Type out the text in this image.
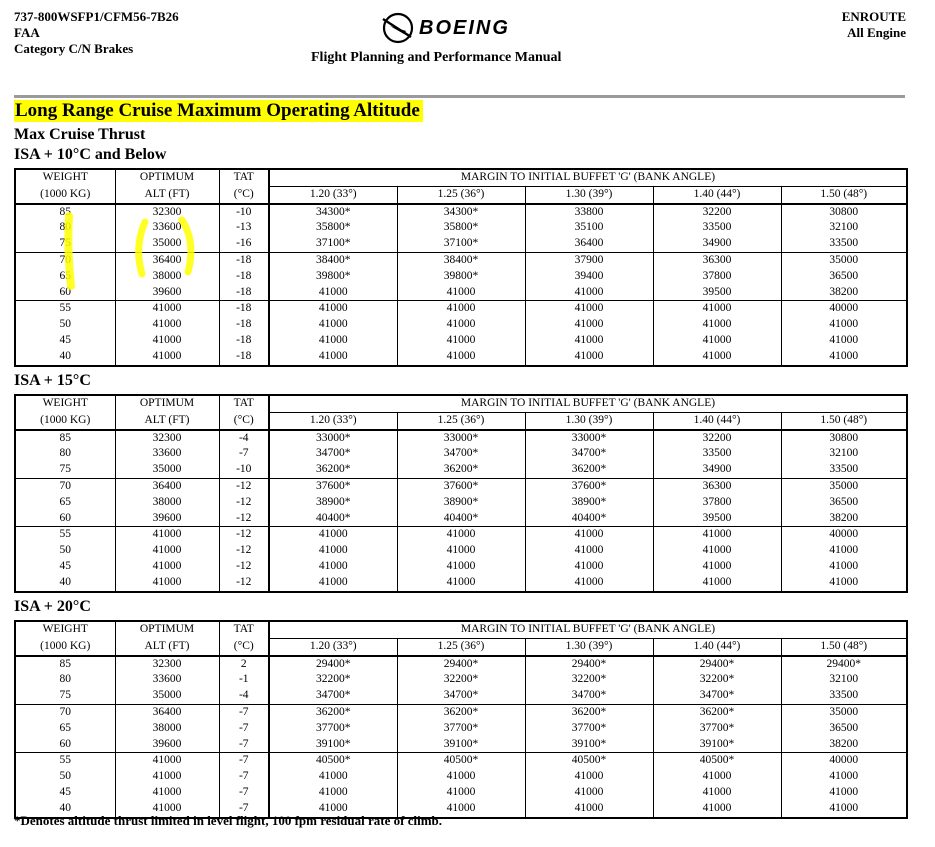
737-800WSFP1/CFM56-7B26
FAA
Category C/N Brakes
BOEING
Flight Planning and Performance Manual
ENROUTE
All Engine
Long Range Cruise Maximum Operating Altitude
Max Cruise Thrust
ISA + 10°C and Below
WEIGHT	OPTIMUM	TAT	MARGIN TO INITIAL BUFFET 'G' (BANK ANGLE)				
(1000 KG)	ALT (FT)	(°C)	1.20 (33°)	1.25 (36°)	1.30 (39°)	1.40 (44°)	1.50 (48°)
85	32300	-10	34300*	34300*	33800	32200	30800
80	33600	-13	35800*	35800*	35100	33500	32100
75	35000	-16	37100*	37100*	36400	34900	33500
70	36400	-18	38400*	38400*	37900	36300	35000
65	38000	-18	39800*	39800*	39400	37800	36500
60	39600	-18	41000	41000	41000	39500	38200
55	41000	-18	41000	41000	41000	41000	40000
50	41000	-18	41000	41000	41000	41000	41000
45	41000	-18	41000	41000	41000	41000	41000
40	41000	-18	41000	41000	41000	41000	41000
ISA + 15°C
WEIGHT	OPTIMUM	TAT	MARGIN TO INITIAL BUFFET 'G' (BANK ANGLE)				
(1000 KG)	ALT (FT)	(°C)	1.20 (33°)	1.25 (36°)	1.30 (39°)	1.40 (44°)	1.50 (48°)
85	32300	-4	33000*	33000*	33000*	32200	30800
80	33600	-7	34700*	34700*	34700*	33500	32100
75	35000	-10	36200*	36200*	36200*	34900	33500
70	36400	-12	37600*	37600*	37600*	36300	35000
65	38000	-12	38900*	38900*	38900*	37800	36500
60	39600	-12	40400*	40400*	40400*	39500	38200
55	41000	-12	41000	41000	41000	41000	40000
50	41000	-12	41000	41000	41000	41000	41000
45	41000	-12	41000	41000	41000	41000	41000
40	41000	-12	41000	41000	41000	41000	41000
ISA + 20°C
WEIGHT	OPTIMUM	TAT	MARGIN TO INITIAL BUFFET 'G' (BANK ANGLE)				
(1000 KG)	ALT (FT)	(°C)	1.20 (33°)	1.25 (36°)	1.30 (39°)	1.40 (44°)	1.50 (48°)
85	32300	2	29400*	29400*	29400*	29400*	29400*
80	33600	-1	32200*	32200*	32200*	32200*	32100
75	35000	-4	34700*	34700*	34700*	34700*	33500
70	36400	-7	36200*	36200*	36200*	36200*	35000
65	38000	-7	37700*	37700*	37700*	37700*	36500
60	39600	-7	39100*	39100*	39100*	39100*	38200
55	41000	-7	40500*	40500*	40500*	40500*	40000
50	41000	-7	41000	41000	41000	41000	41000
45	41000	-7	41000	41000	41000	41000	41000
40	41000	-7	41000	41000	41000	41000	41000
*Denotes altitude thrust limited in level flight, 100 fpm residual rate of climb.
